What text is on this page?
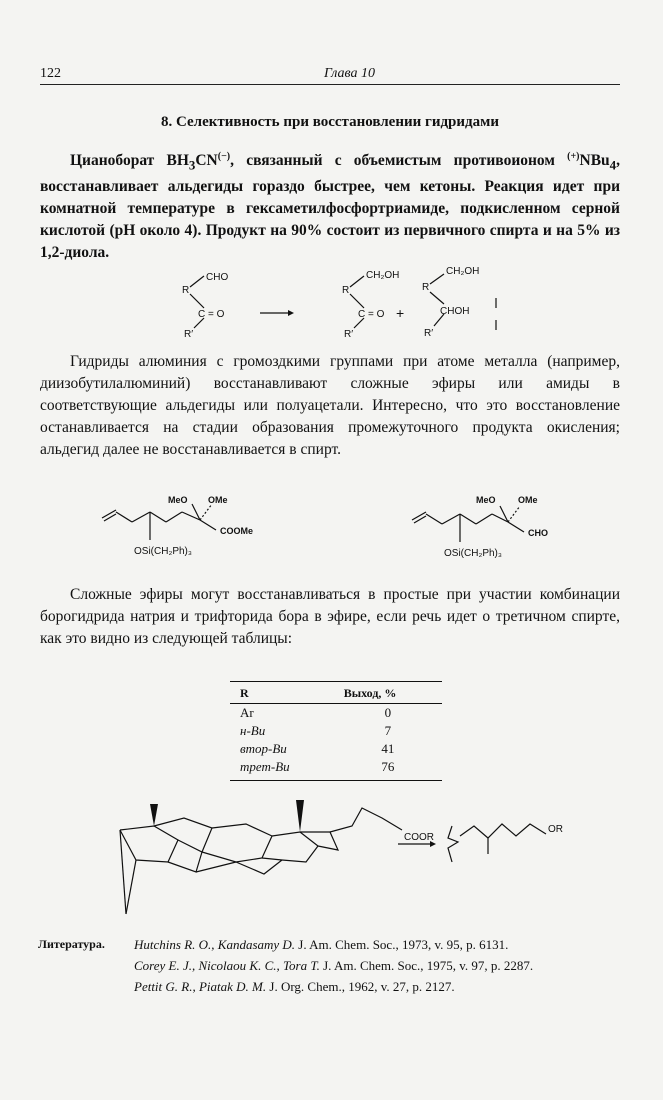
122	Глава 10
8. Селективность при восстановлении гидридами

Цианоборат $BH_3CN^{(-)}$, связанный с объемистым противоионом (+)NBu$_4$, восстанавливает альдегиды гораздо быстрее, чем кетоны. Реакция идет при комнатной температуре в гексаметилфосфортриамиде, подкисленном серной кислотой (pH около 4). Продукт на 90% состоит из первичного спирта и на 5% из 1,2-диола.

CHO
R
C = O
R′
CH₂OH
R
C = O
R′
+
CH₂OH
R
CHOH
R′

Гидриды алюминия с громоздкими группами при атоме металла (например, диизобутилалюминий) восстанавливают сложные эфиры или амиды в соответствующие альдегиды или полуацетали. Интересно, что это восстановление останавливается на стадии образования промежуточного продукта окисления; альдегид далее не восстанавливается в спирт.

MeO OMe
COOMe
OSi(CH₂Ph)₃
MeO OMe
CHO
OSi(CH₂Ph)₃

Сложные эфиры могут восстанавливаться в простые при участии комбинации борогидрида натрия и трифторида бора в эфире, если речь идет о третичном спирте, как это видно из следующей таблицы:

R	Выход, %
Ar	0
н-Bu	7
втор-Bu	41
трет-Bu	76
COOR
OR
Литература. Hutchins R. O., Kandasamy D. J. Am. Chem. Soc., 1973, v. 95, p. 6131.
Corey E. J., Nicolaou K. C., Tora T. J. Am. Chem. Soc., 1975, v. 97, p. 2287.
Pettit G. R., Piatak D. M. J. Org. Chem., 1962, v. 27, p. 2127.
